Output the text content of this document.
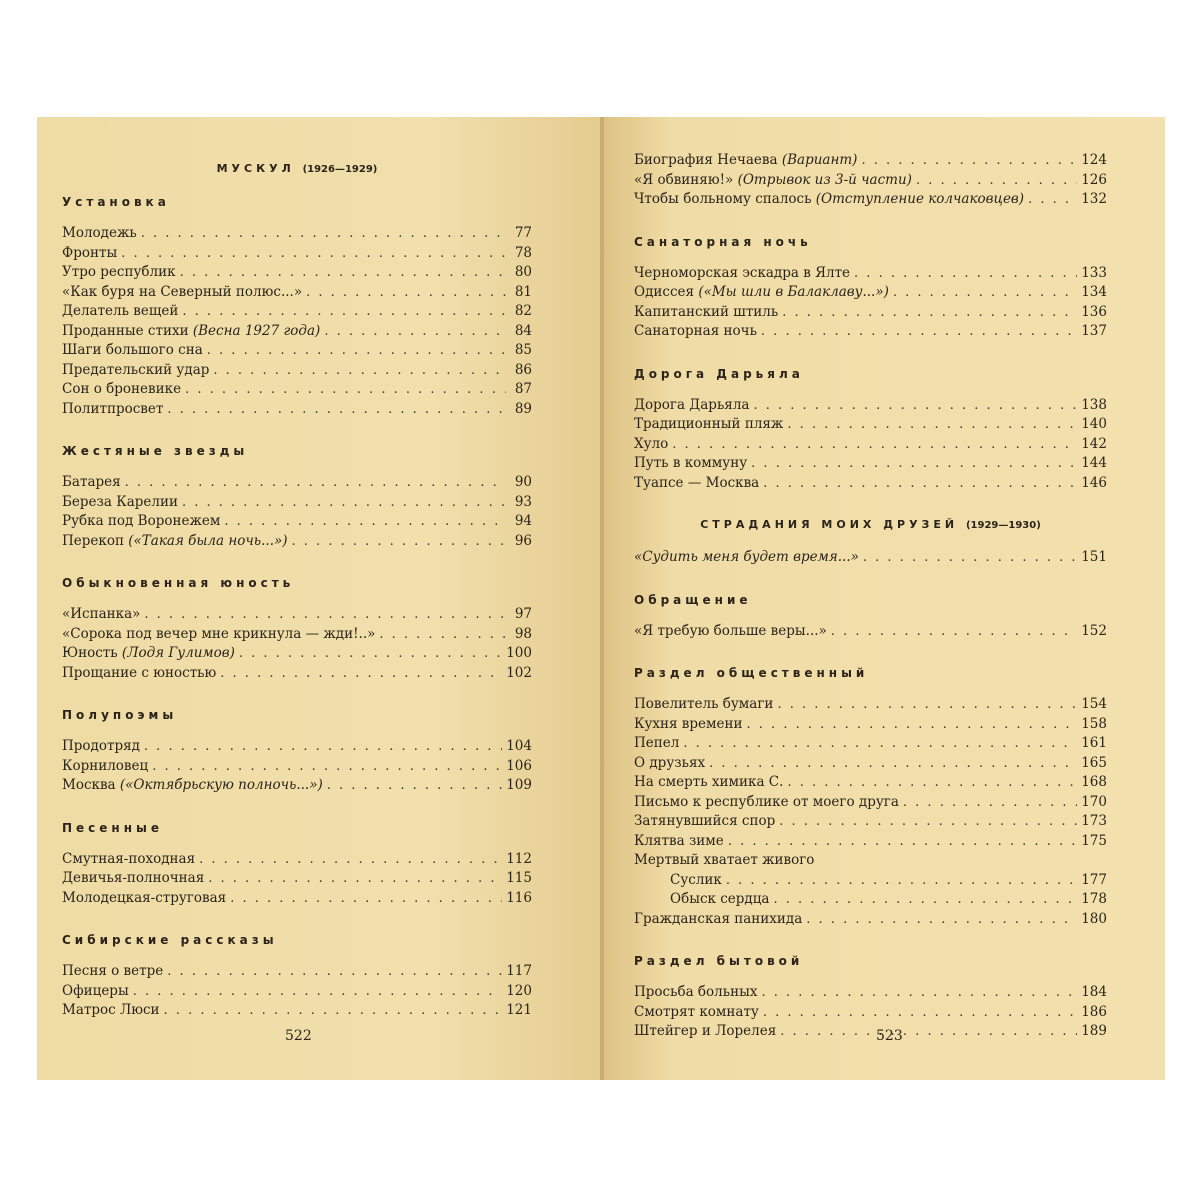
МУСКУЛ (1926—1929)
Установка
Молодежь . . .	77
Фронты . . .	78
Утро республик . . .	80
«Как буря на Северный полюс...» . . .	81
Делатель вещей . . .	82
Проданные стихи (Весна 1927 года) . . .	84
Шаги большого сна . . .	85
Предательский удар . . .	86
Сон о броневике . . .	87
Политпросвет . . .	89
Жестяные звезды
Батарея . . .	90
Береза Карелии . . .	93
Рубка под Воронежем . . .	94
Перекоп («Такая была ночь...») . . .	96
Обыкновенная юность
«Испанка» . . .	97
«Сорока под вечер мне крикнула — жди!..» . . .	98
Юность (Лодя Гулимов) . . .	100
Прощание с юностью . . .	102
Полупоэмы
Продотряд . . .	104
Корниловец . . .	106
Москва («Октябрьскую полночь...») . . .	109
Песенные
Смутная-походная . . .	112
Девичья-полночная . . .	115
Молодецкая-струговая . . .	116
Сибирские рассказы
Песня о ветре . . .	117
Офицеры . . .	120
Матрос Люси . . .	121
522
Биография Нечаева (Вариант) . . .	124
«Я обвиняю!» (Отрывок из 3-й части) . . .	126
Чтобы больному спалось (Отступление колчаковцев) . . .	132
Санаторная ночь
Черноморская эскадра в Ялте . . .	133
Одиссея («Мы шли в Балаклаву...») . . .	134
Капитанский штиль . . .	136
Санаторная ночь . . .	137
Дорога Дарьяла
Дорога Дарьяла . . .	138
Традиционный пляж . . .	140
Хуло . . .	142
Путь в коммуну . . .	144
Туапсе — Москва . . .	146
СТРАДАНИЯ МОИХ ДРУЗЕЙ (1929—1930)
«Судить меня будет время...» . . .	151
Обращение
«Я требую больше веры...» . . .	152
Раздел общественный
Повелитель бумаги . . .	154
Кухня времени . . .	158
Пепел . . .	161
О друзьях . . .	165
На смерть химика С. . . .	168
Письмо к республике от моего друга . . .	170
Затянувшийся спор . . .	173
Клятва зиме . . .	175
Мертвый хватает живого
Суслик . . .	177
Обыск сердца . . .	178
Гражданская панихида . . .	180
Раздел бытовой
Просьба больных . . .	184
Смотрят комнату . . .	186
Штейгер и Лорелея . . .	189
523
